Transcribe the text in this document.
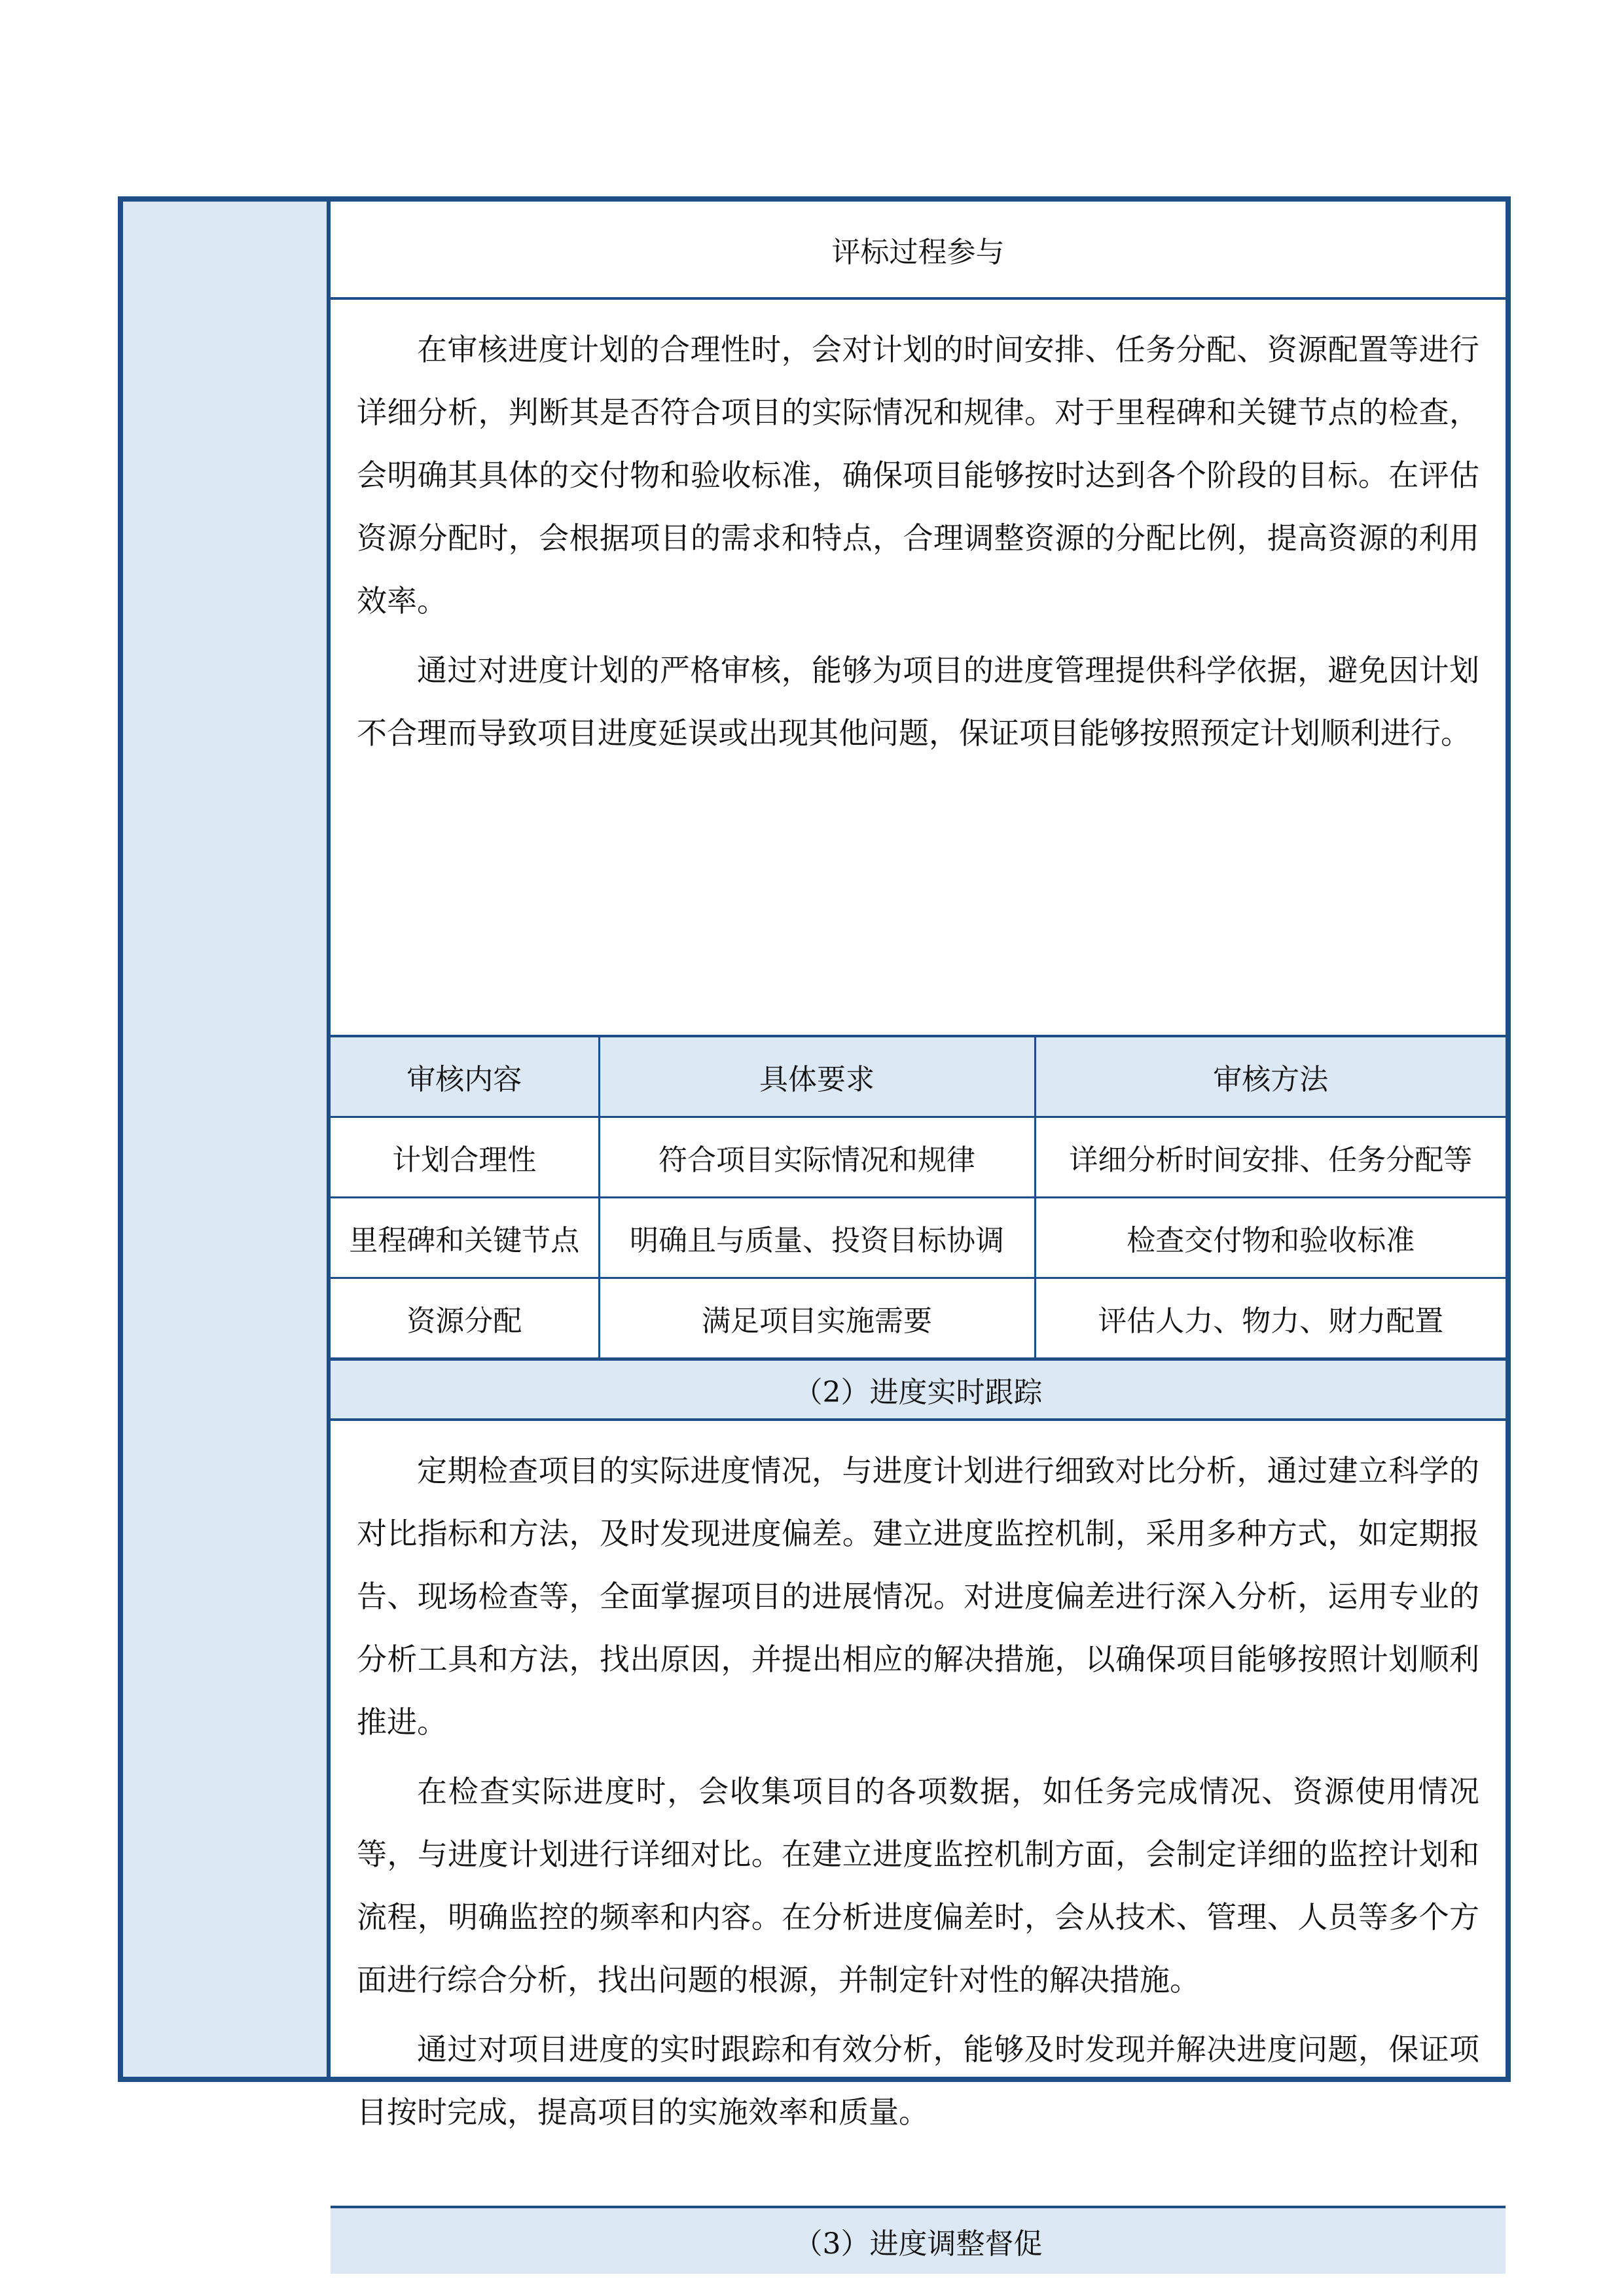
评标过程参与

在审核进度计划的合理性时，会对计划的时间安排、任务分配、资源配置等进行详细分析，判断其是否符合项目的实际情况和规律。对于里程碑和关键节点的检查，会明确其具体的交付物和验收标准，确保项目能够按时达到各个阶段的目标。在评估资源分配时，会根据项目的需求和特点，合理调整资源的分配比例，提高资源的利用效率。

通过对进度计划的严格审核，能够为项目的进度管理提供科学依据，避免因计划不合理而导致项目进度延误或出现其他问题，保证项目能够按照预定计划顺利进行。

审核内容	具体要求	审核方法
计划合理性	符合项目实际情况和规律	详细分析时间安排、任务分配等
里程碑和关键节点	明确且与质量、投资目标协调	检查交付物和验收标准
资源分配	满足项目实施需要	评估人力、物力、财力配置
（2）进度实时跟踪

定期检查项目的实际进度情况，与进度计划进行细致对比分析，通过建立科学的对比指标和方法，及时发现进度偏差。建立进度监控机制，采用多种方式，如定期报告、现场检查等，全面掌握项目的进展情况。对进度偏差进行深入分析，运用专业的分析工具和方法，找出原因，并提出相应的解决措施，以确保项目能够按照计划顺利推进。

在检查实际进度时，会收集项目的各项数据，如任务完成情况、资源使用情况等，与进度计划进行详细对比。在建立进度监控机制方面，会制定详细的监控计划和流程，明确监控的频率和内容。在分析进度偏差时，会从技术、管理、人员等多个方面进行综合分析，找出问题的根源，并制定针对性的解决措施。

通过对项目进度的实时跟踪和有效分析，能够及时发现并解决进度问题，保证项目按时完成，提高项目的实施效率和质量。

（3）进度调整督促
